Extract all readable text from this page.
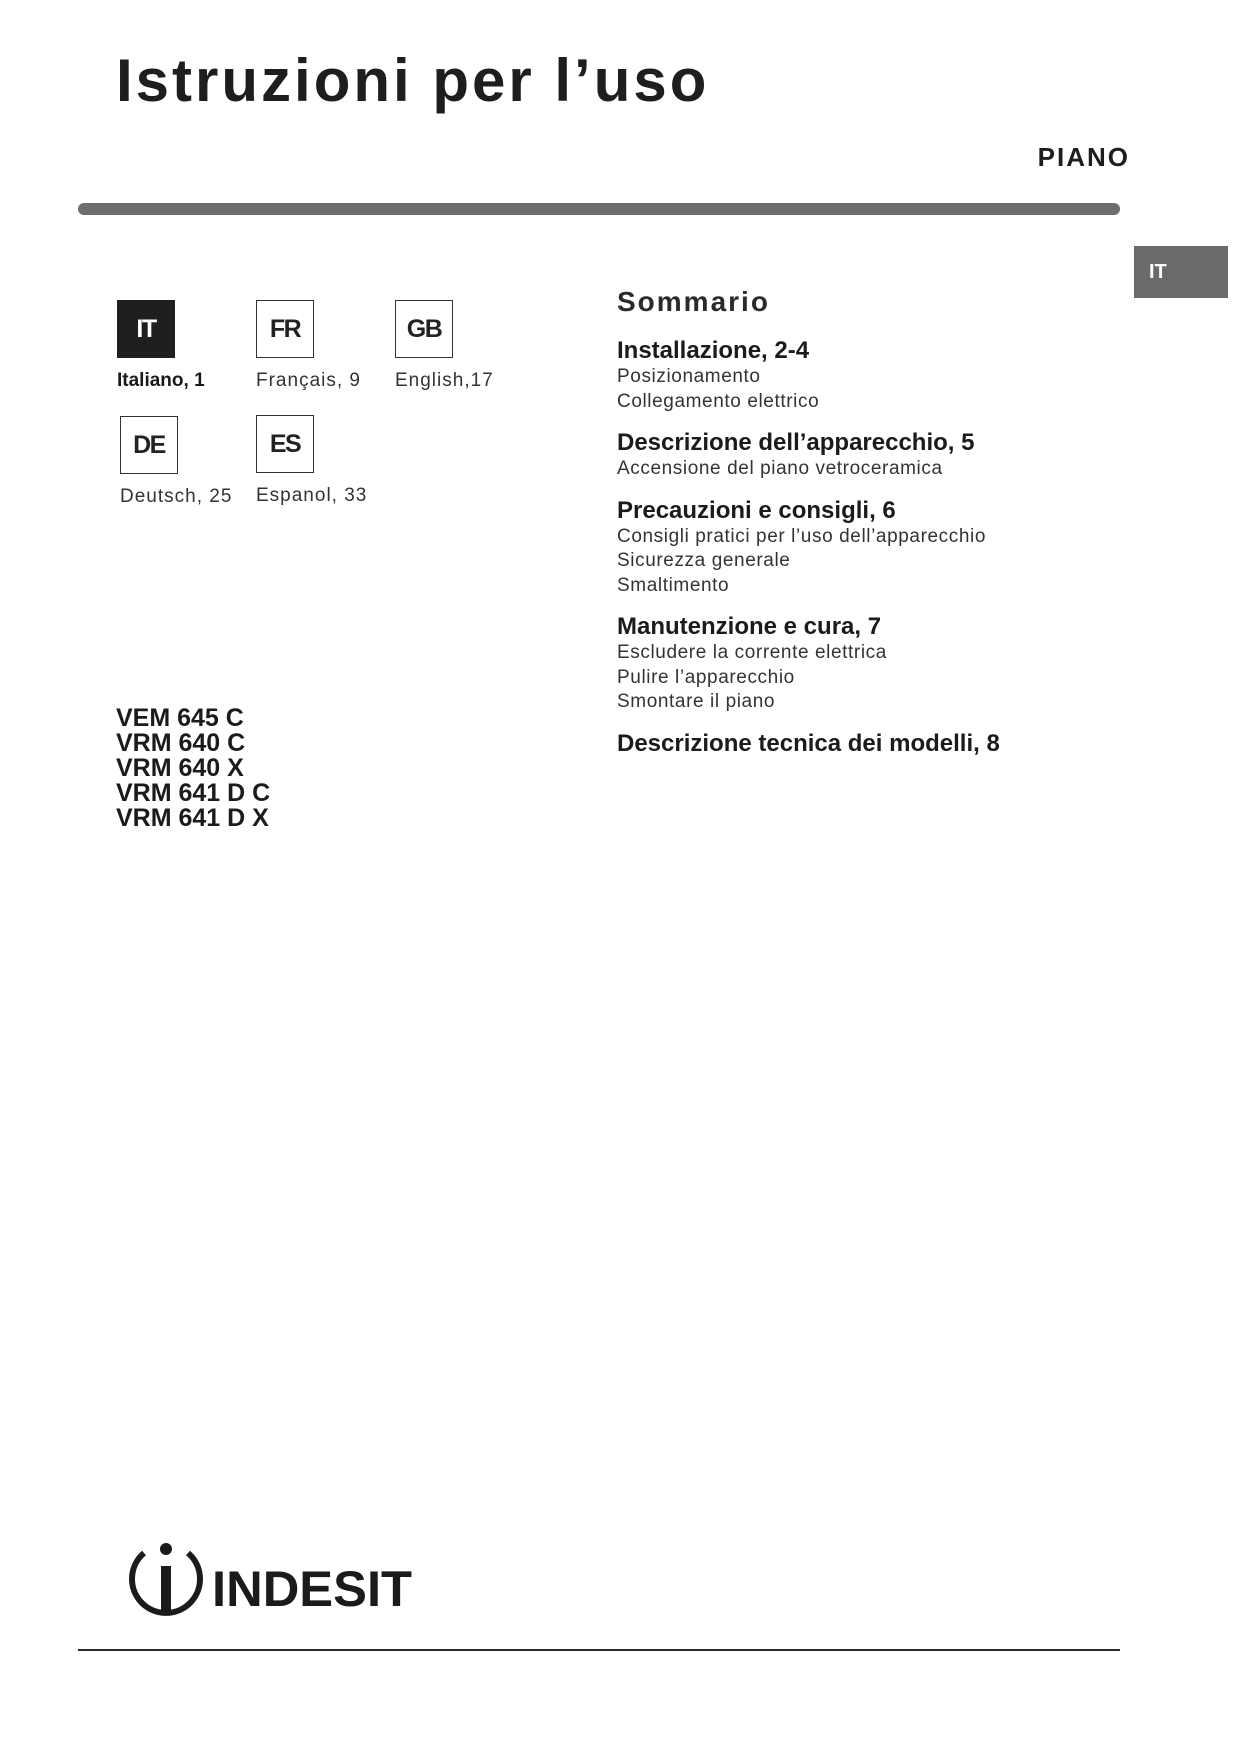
Istruzioni per l’uso
PIANO
IT
IT
Italiano, 1
FR
Français, 9
GB
English,17
DE
Deutsch, 25
ES
Espanol, 33
VEM 645 C
VRM 640 C
VRM 640 X
VRM 641 D C
VRM 641 D X
Sommario
Installazione, 2-4
Posizionamento
Collegamento elettrico
Descrizione dell’apparecchio, 5
Accensione del piano vetroceramica
Precauzioni e consigli, 6
Consigli pratici per l’uso dell’apparecchio
Sicurezza generale
Smaltimento
Manutenzione e cura, 7
Escludere la corrente elettrica
Pulire l’apparecchio
Smontare il piano
Descrizione tecnica dei modelli, 8
INDESIT
